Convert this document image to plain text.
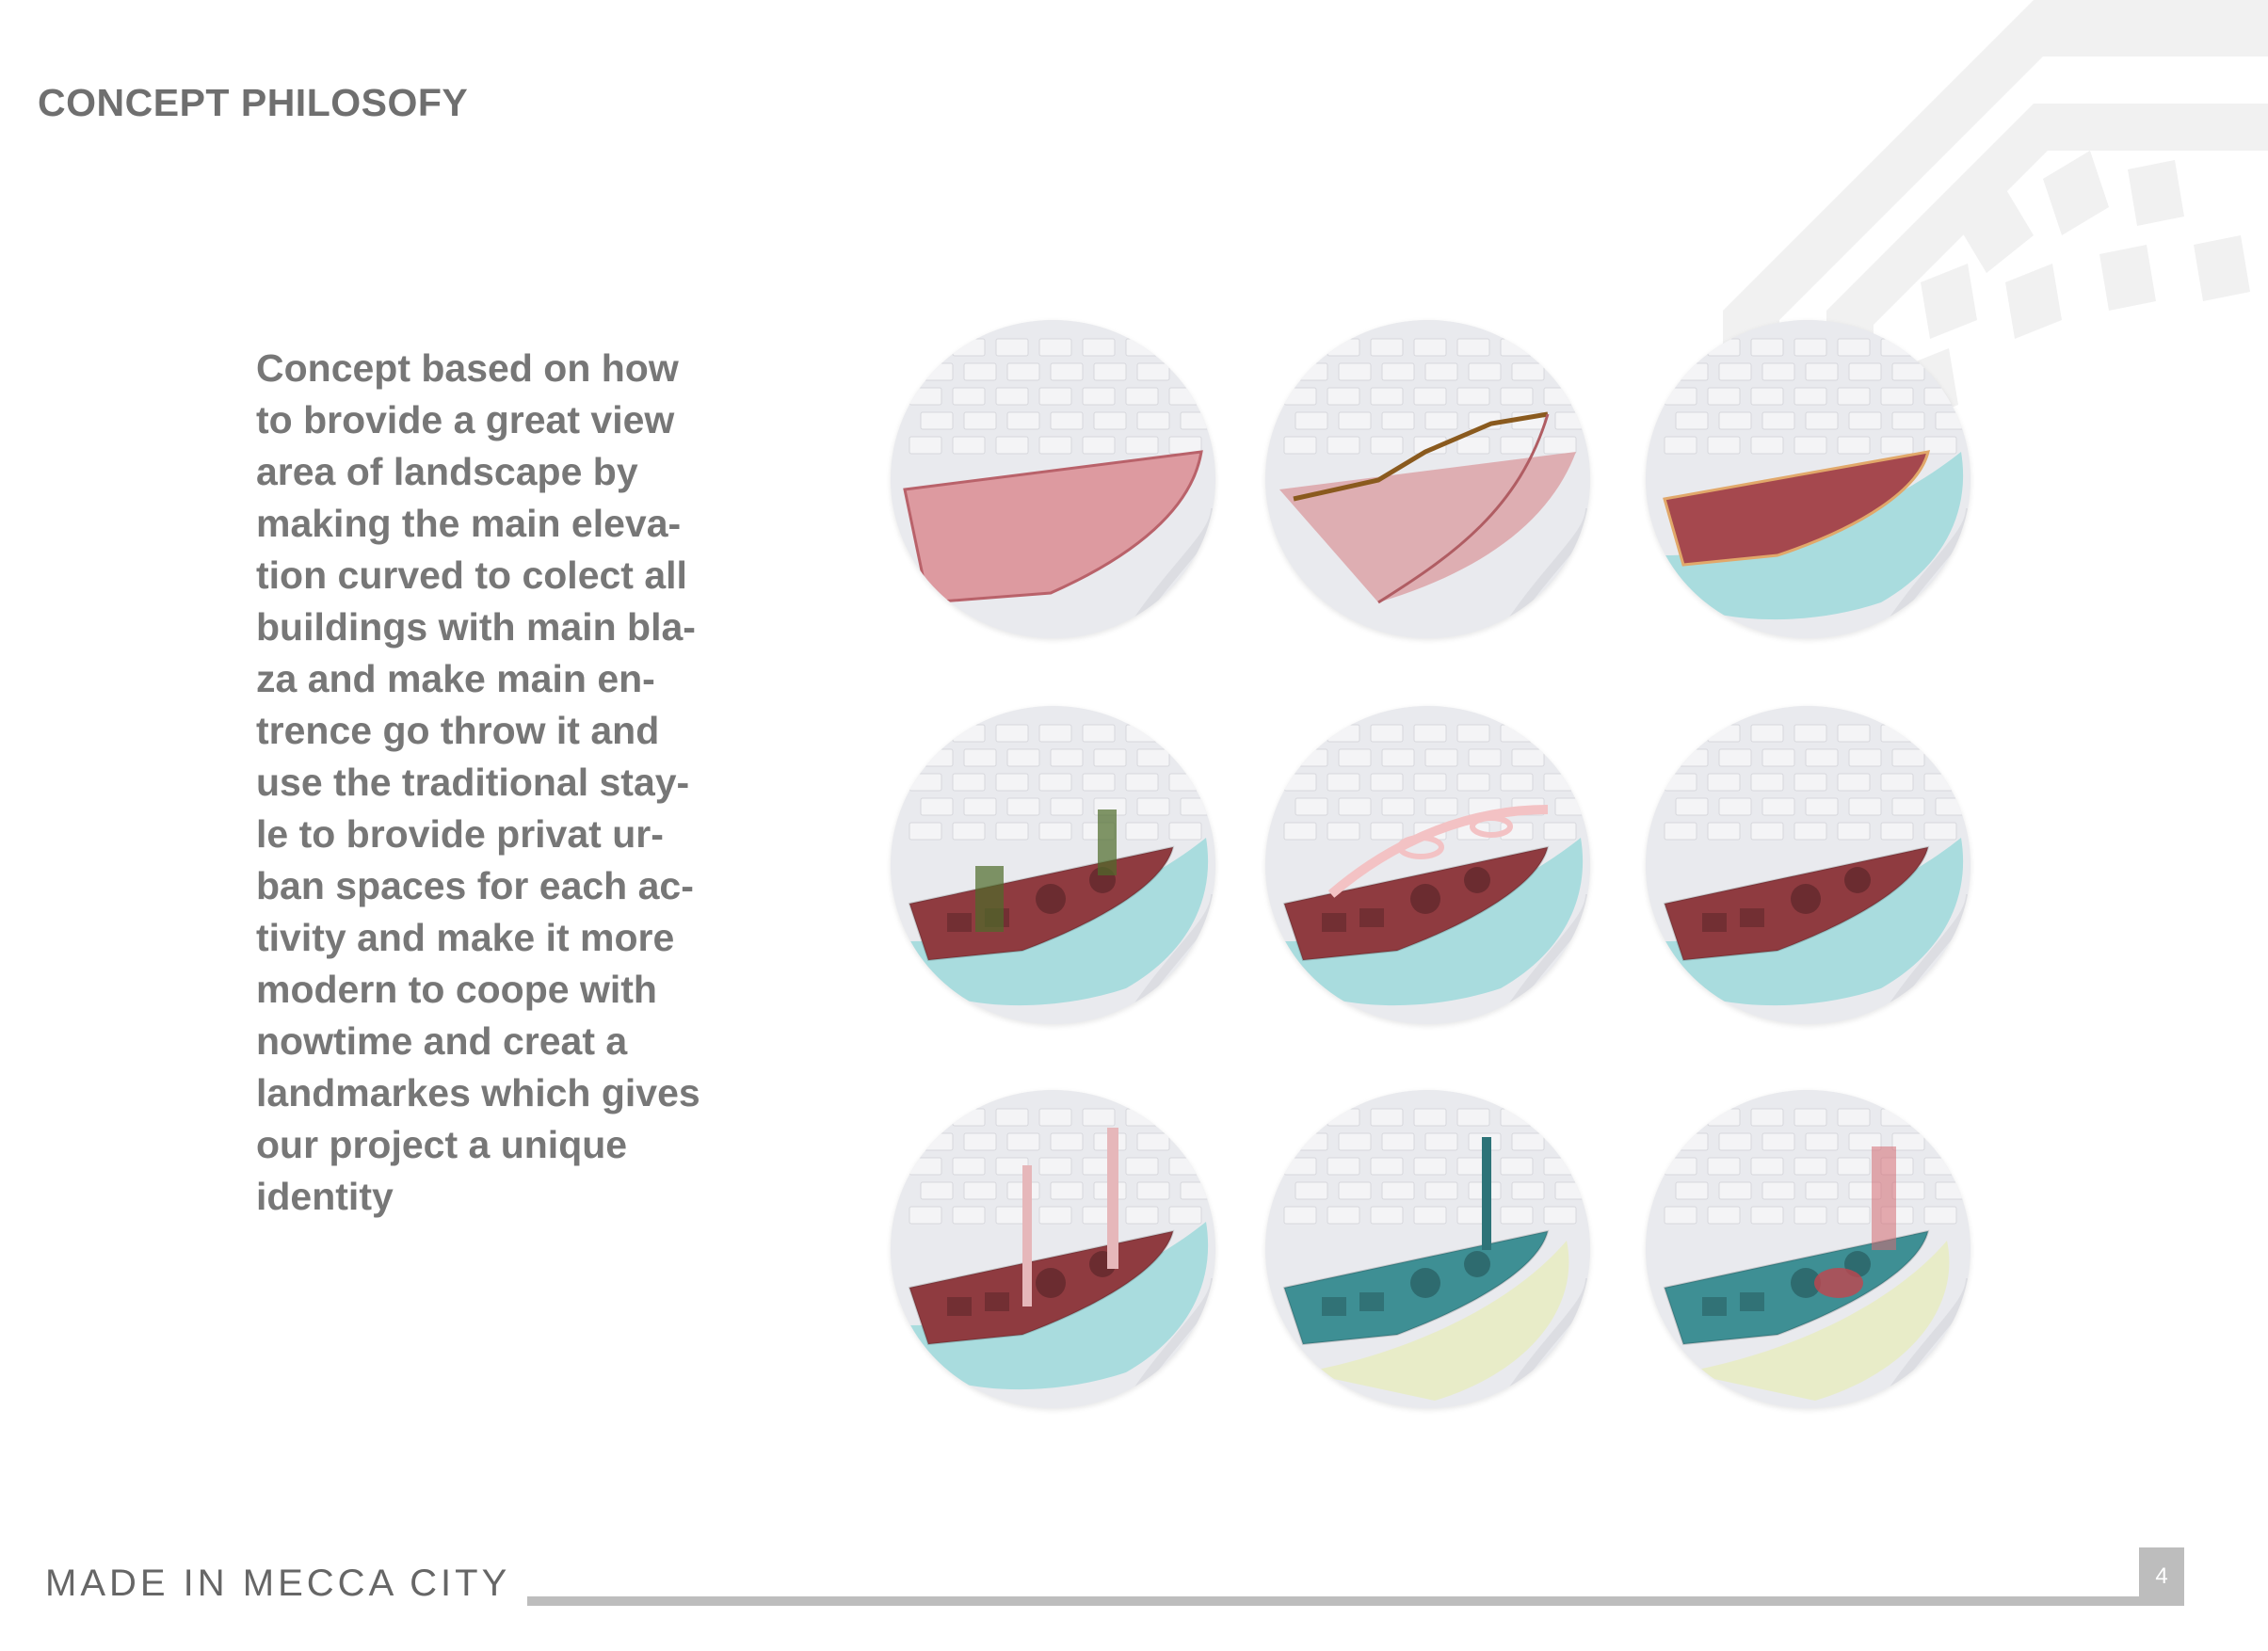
CONCEPT PHILOSOFY

Concept based on how
to brovide a great view
area of landscape by
making the main eleva-
tion curved to colect all
buildings with main bla-
za and make main en-
trence go throw it and
use the traditional stay-
le to brovide privat ur-
ban spaces for each ac-
tivity and make it more
modern to coope with
nowtime and creat a
landmarkes which gives
our project a unique
identity

MADE IN MECCA CITY	4
